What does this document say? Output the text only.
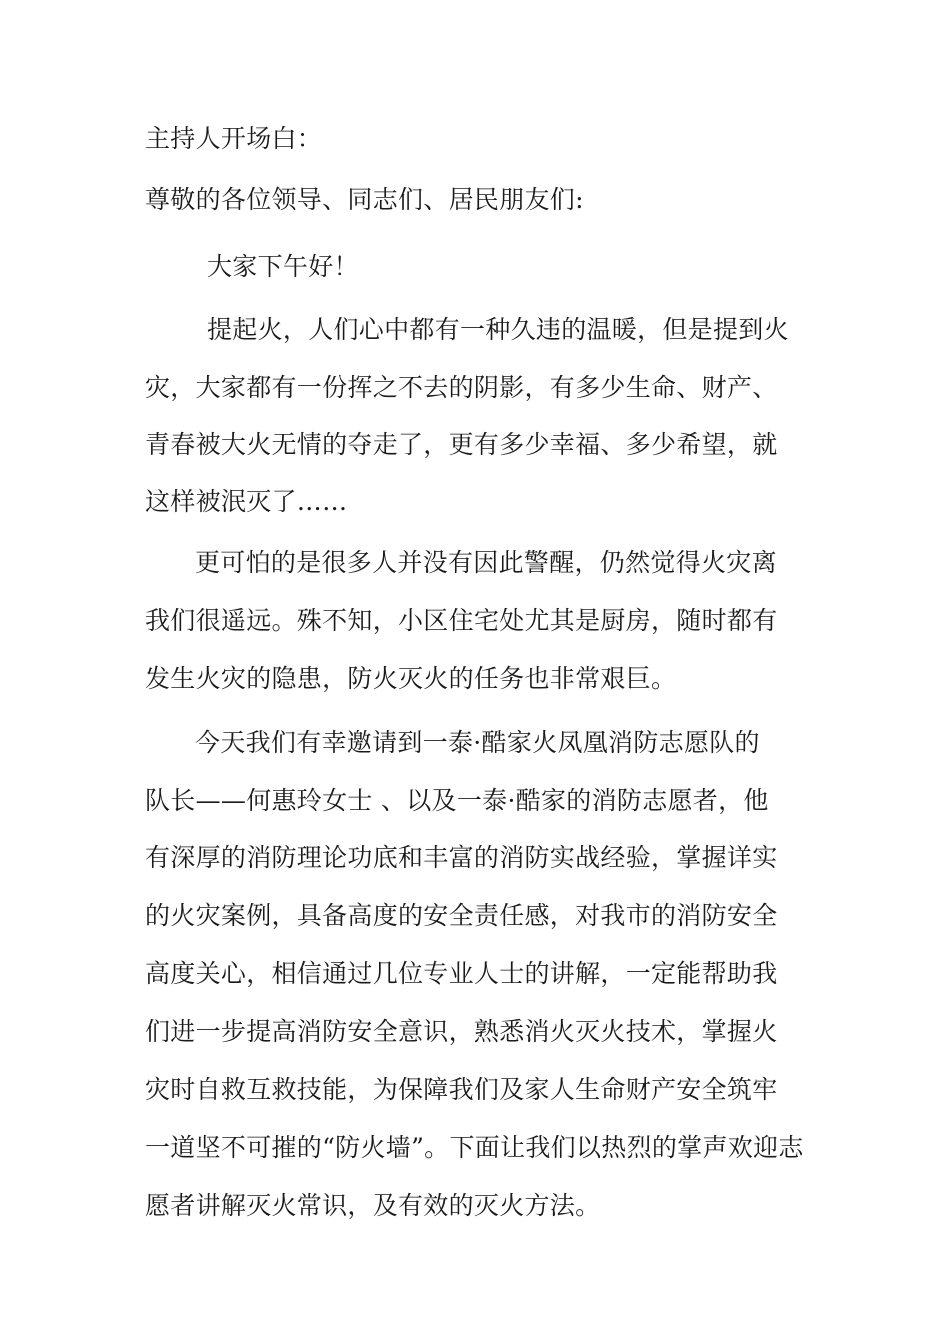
主持人开场白：

尊敬的各位领导、同志们、居民朋友们:

大家下午好！

提起火，人们心中都有一种久违的温暖，但是提到火

灾，大家都有一份挥之不去的阴影，有多少生命、财产、

青春被大火无情的夺走了，更有多少幸福、多少希望，就

这样被泯灭了……

更可怕的是很多人并没有因此警醒，仍然觉得火灾离

我们很遥远。殊不知，小区住宅处尤其是厨房，随时都有

发生火灾的隐患，防火灭火的任务也非常艰巨。

今天我们有幸邀请到一泰·酷家火凤凰消防志愿队的

队长——何惠玲女士 、以及一泰·酷家的消防志愿者，他

有深厚的消防理论功底和丰富的消防实战经验，掌握详实

的火灾案例，具备高度的安全责任感，对我市的消防安全

高度关心，相信通过几位专业人士的讲解，一定能帮助我

们进一步提高消防安全意识，熟悉消火灭火技术，掌握火

灾时自救互救技能，为保障我们及家人生命财产安全筑牢

一道坚不可摧的“防火墙”。下面让我们以热烈的掌声欢迎志

愿者讲解灭火常识，及有效的灭火方法。
